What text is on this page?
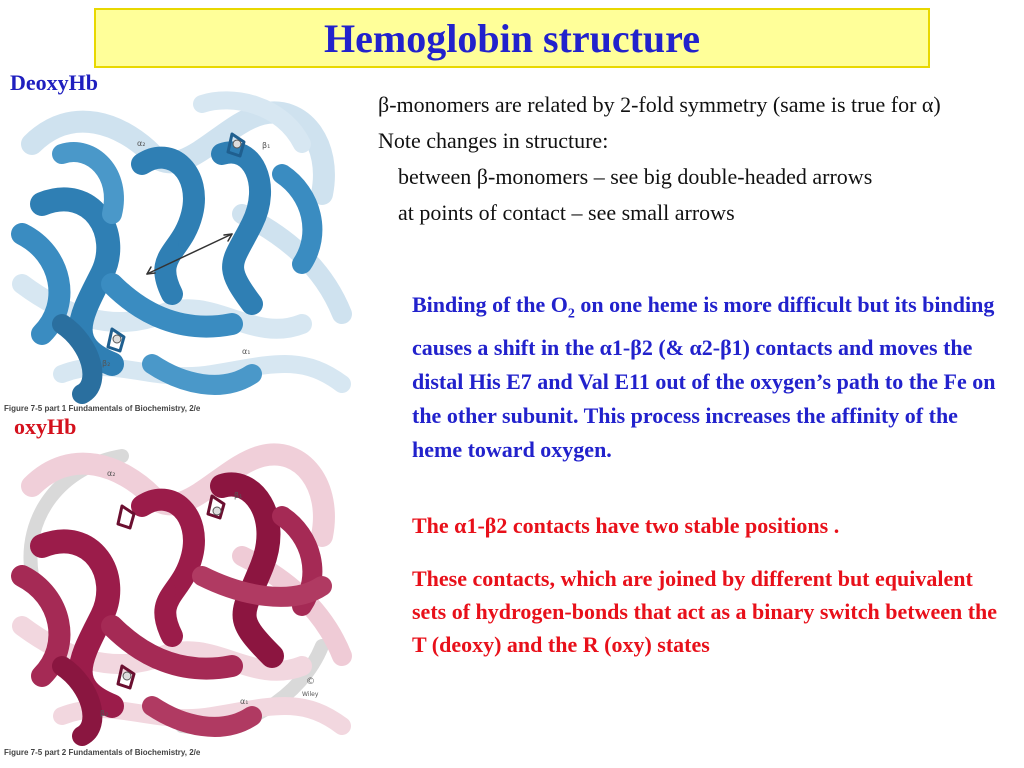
Hemoglobin structure
DeoxyHb
α₂	β₁
β₂
α₁
Figure 7-5 part 1 Fundamentals of Biochemistry, 2/e
oxyHb
α₂
β₁
β₂
α₁
©
Wiley
Figure 7-5 part 2 Fundamentals of Biochemistry, 2/e

β-monomers are related by 2-fold symmetry (same is true for α)

Note changes in structure:

between β-monomers – see big double-headed arrows

at points of contact – see small arrows

Binding of the $O_2$ on one heme is more difficult but its binding causes a shift in the α1-β2 (& α2-β1) contacts and moves the distal His E7 and Val E11 out of the oxygen’s path to the Fe on the other subunit. This process increases the affinity of the heme toward oxygen.
The α1-β2 contacts have two stable positions .
These contacts, which are joined by different but equivalent sets of hydrogen-bonds that act as a binary switch between the T (deoxy) and the R (oxy) states
